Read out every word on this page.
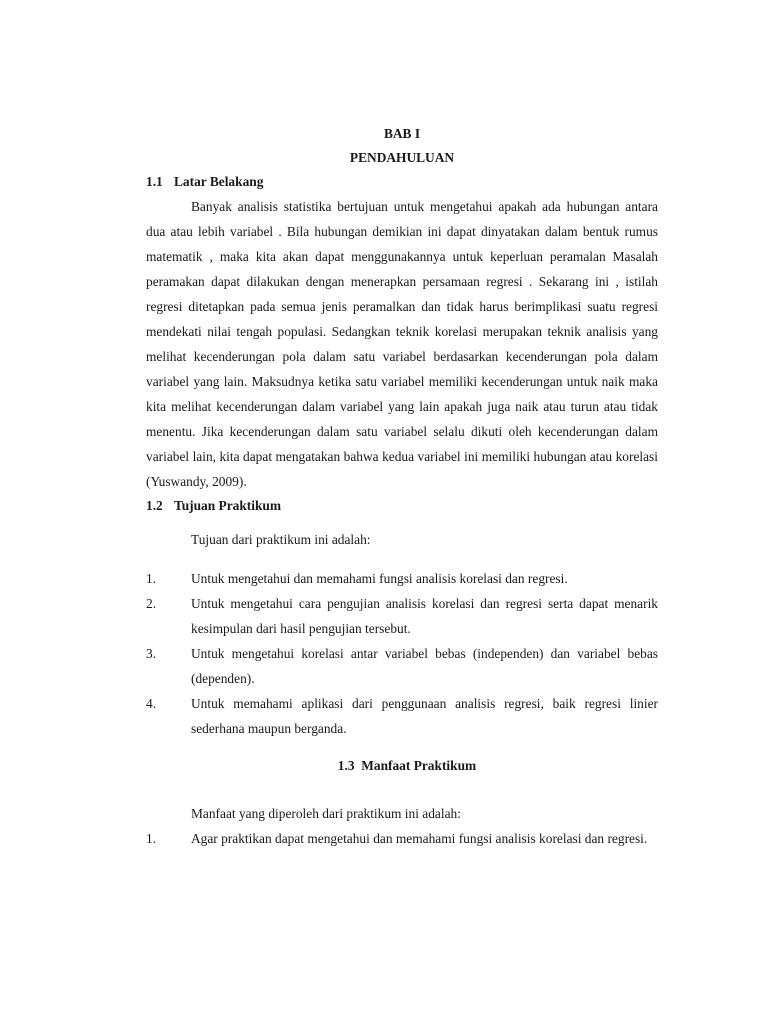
BAB I
PENDAHULUAN

1.1 Latar Belakang

Banyak analisis statistika bertujuan untuk mengetahui apakah ada hubungan antara dua atau lebih variabel . Bila hubungan demikian ini dapat dinyatakan dalam bentuk rumus matematik , maka kita akan dapat menggunakannya untuk keperluan peramalan Masalah peramakan dapat dilakukan dengan menerapkan persamaan regresi . Sekarang ini , istilah regresi ditetapkan pada semua jenis peramalkan dan tidak harus berimplikasi suatu regresi mendekati nilai tengah populasi. Sedangkan teknik korelasi merupakan teknik analisis yang melihat kecenderungan pola dalam satu variabel berdasarkan kecenderungan pola dalam variabel yang lain. Maksudnya ketika satu variabel memiliki kecenderungan untuk naik maka kita melihat kecenderungan dalam variabel yang lain apakah juga naik atau turun atau tidak menentu. Jika kecenderungan dalam satu variabel selalu dikuti oleh kecenderungan dalam variabel lain, kita dapat mengatakan bahwa kedua variabel ini memiliki hubungan atau korelasi (Yuswandy, 2009).

1.2 Tujuan Praktikum

Tujuan dari praktikum ini adalah:

1.	Untuk mengetahui dan memahami fungsi analisis korelasi dan regresi.
2.	Untuk mengetahui cara pengujian analisis korelasi dan regresi serta dapat menarik kesimpulan dari hasil pengujian tersebut.
3.	Untuk mengetahui korelasi antar variabel bebas (independen) dan variabel bebas (dependen).
4.	Untuk memahami aplikasi dari penggunaan analisis regresi, baik regresi linier sederhana maupun berganda.

1.3 Manfaat Praktikum

Manfaat yang diperoleh dari praktikum ini adalah:

1.	Agar praktikan dapat mengetahui dan memahami fungsi analisis korelasi dan regresi.
